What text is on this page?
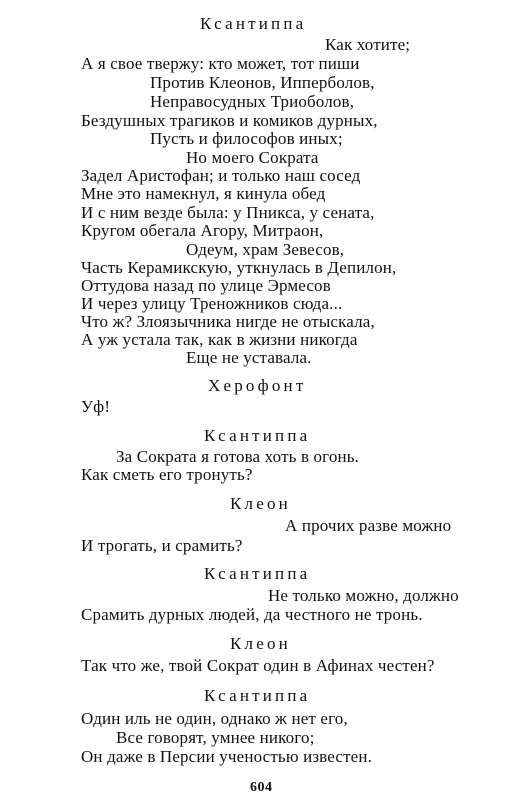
Ксантиппа
Как хотите;
А я свое твержу: кто может, тот пиши
Против Клеонов, Ипперболов,
Неправосудных Триоболов,
Бездушных трагиков и комиков дурных,
Пусть и философов иных;
Но моего Сократа
Задел Аристофан; и только наш сосед
Мне это намекнул, я кинула обед
И с ним везде была: у Пникса, у сената,
Кругом обегала Агору, Митраон,
Одеум, храм Зевесов,
Часть Керамикскую, уткнулась в Депилон,
Оттудова назад по улице Эрмесов
И через улицу Треножников сюда...
Что ж? Злоязычника нигде не отыскала,
А уж устала так, как в жизни никогда
Еще не уставала.
Херофонт
Уф!
Ксантиппа
За Сократа я готова хоть в огонь.
Как сметь его тронуть?
Клеон
А прочих разве можно
И трогать, и срамить?
Ксантиппа
Не только можно, должно
Срамить дурных людей, да честного не тронь.
Клеон
Так что же, твой Сократ один в Афинах честен?
Ксантиппа
Один иль не один, однако ж нет его,
Все говорят, умнее никого;
Он даже в Персии ученостью известен.
604
